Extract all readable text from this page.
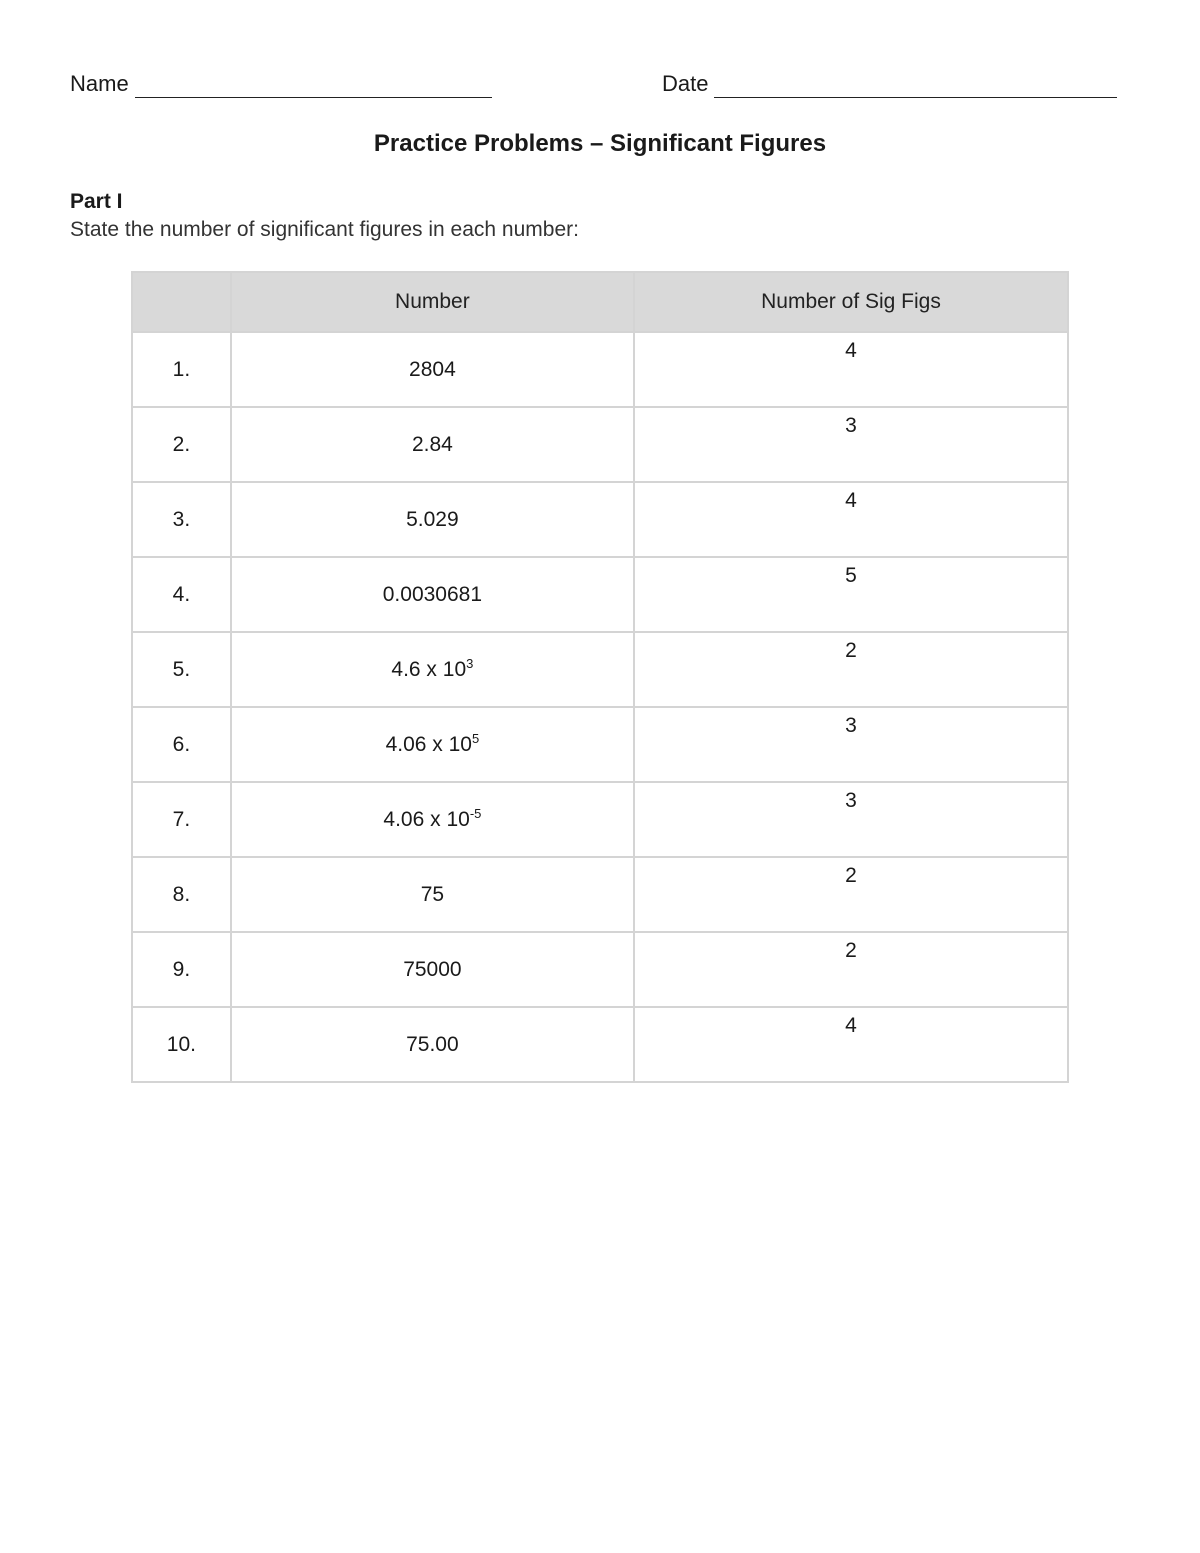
Name	Date
Practice Problems – Significant Figures
Part I
State the number of significant figures in each number:
	Number	Number of Sig Figs
1.	2804	4
2.	2.84	3
3.	5.029	4
4.	0.0030681	5
5.	4.6 x $10^3$	2
6.	4.06 x $10^5$	3
7.	4.06 x $10^{-5}$	3
8.	75	2
9.	75000	2
10.	75.00	4
